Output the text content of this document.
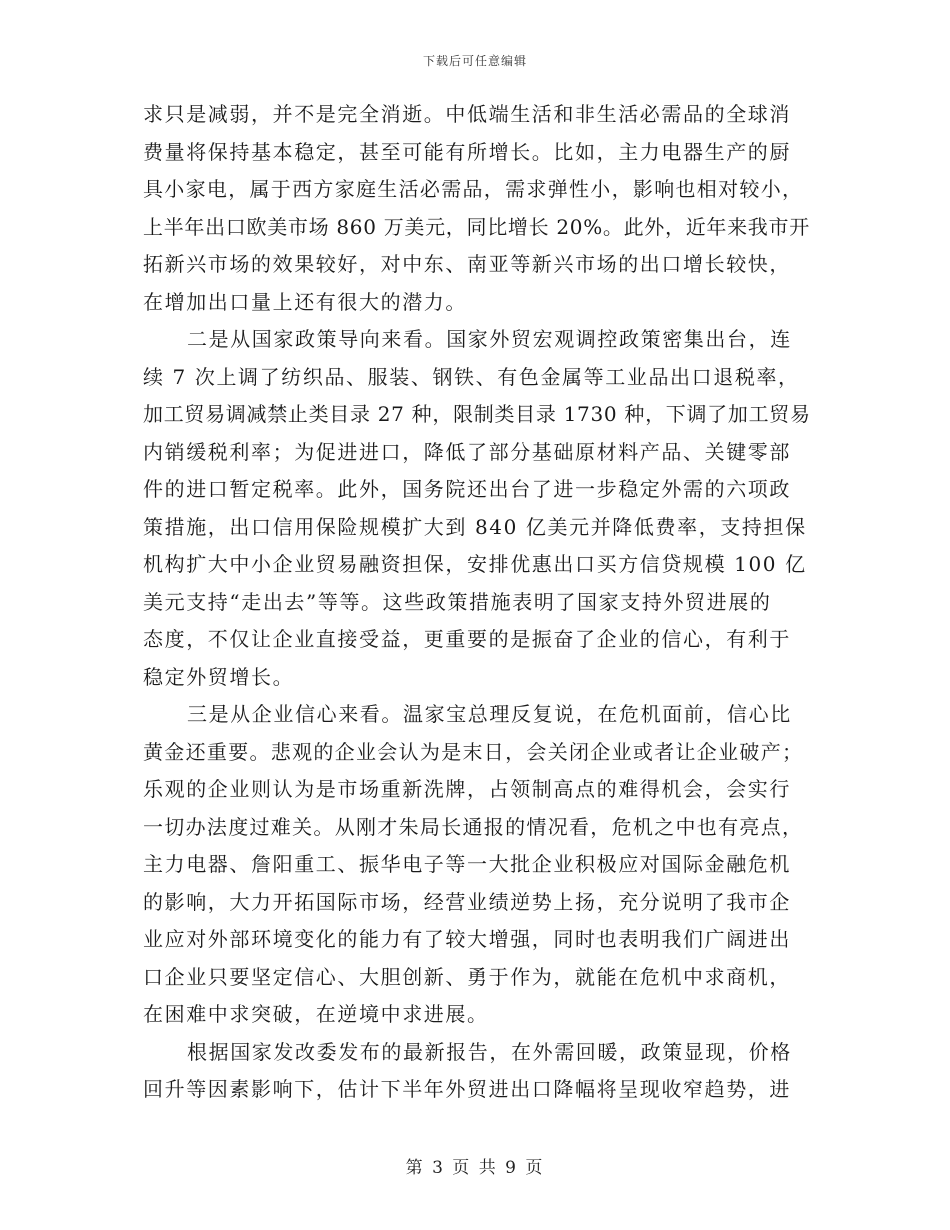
下载后可任意编辑
求只是减弱，并不是完全消逝。中低端生活和非生活必需品的全球消
费量将保持基本稳定，甚至可能有所增长。比如，主力电器生产的厨
具小家电，属于西方家庭生活必需品，需求弹性小，影响也相对较小，
上半年出口欧美市场 860 万美元，同比增长 20%。此外，近年来我市开
拓新兴市场的效果较好，对中东、南亚等新兴市场的出口增长较快，
在增加出口量上还有很大的潜力。
二是从国家政策导向来看。国家外贸宏观调控政策密集出台，连
续 7 次上调了纺织品、服装、钢铁、有色金属等工业品出口退税率，
加工贸易调减禁止类目录 27 种，限制类目录 1730 种，下调了加工贸易
内销缓税利率；为促进进口，降低了部分基础原材料产品、关键零部
件的进口暂定税率。此外，国务院还出台了进一步稳定外需的六项政
策措施，出口信用保险规模扩大到 840 亿美元并降低费率，支持担保
机构扩大中小企业贸易融资担保，安排优惠出口买方信贷规模 100 亿
美元支持“走出去”等等。这些政策措施表明了国家支持外贸进展的
态度，不仅让企业直接受益，更重要的是振奋了企业的信心，有利于
稳定外贸增长。
三是从企业信心来看。温家宝总理反复说，在危机面前，信心比
黄金还重要。悲观的企业会认为是末日，会关闭企业或者让企业破产；
乐观的企业则认为是市场重新洗牌，占领制高点的难得机会，会实行
一切办法度过难关。从刚才朱局长通报的情况看，危机之中也有亮点，
主力电器、詹阳重工、振华电子等一大批企业积极应对国际金融危机
的影响，大力开拓国际市场，经营业绩逆势上扬，充分说明了我市企
业应对外部环境变化的能力有了较大增强，同时也表明我们广阔进出
口企业只要坚定信心、大胆创新、勇于作为，就能在危机中求商机，
在困难中求突破，在逆境中求进展。
根据国家发改委发布的最新报告，在外需回暖，政策显现，价格
回升等因素影响下，估计下半年外贸进出口降幅将呈现收窄趋势，进
第 3 页 共 9 页
